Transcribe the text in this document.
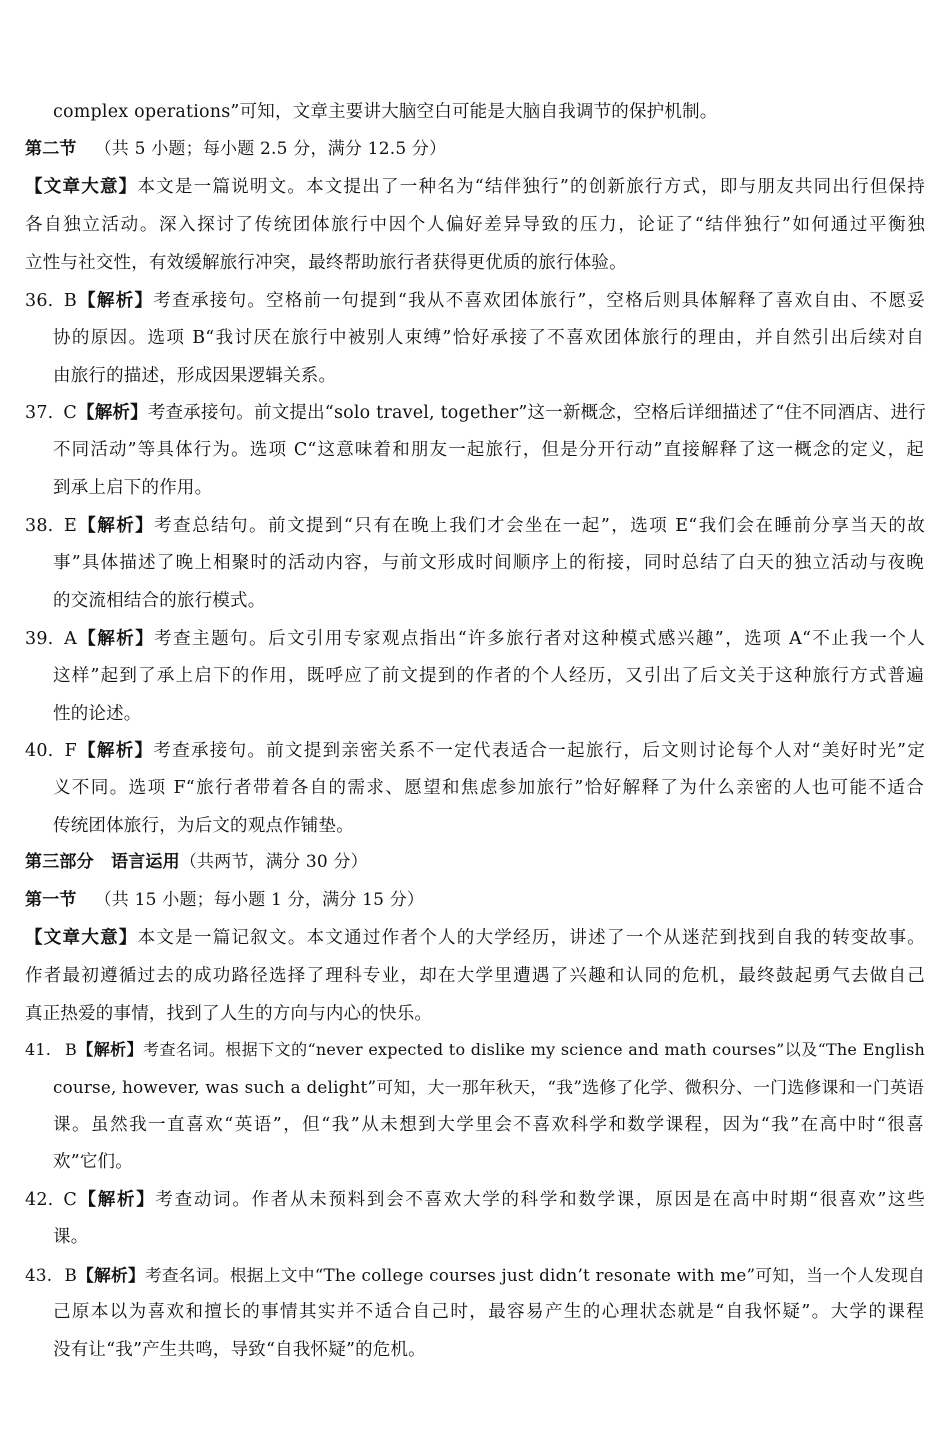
complex operations”可知，文章主要讲大脑空白可能是大脑自我调节的保护机制。
第二节 （共 5 小题；每小题 2.5 分，满分 12.5 分）
【文章大意】本文是一篇说明文。本文提出了一种名为“结伴独行”的创新旅行方式，即与朋友共同出行但保持
各自独立活动。深入探讨了传统团体旅行中因个人偏好差异导致的压力，论证了“结伴独行”如何通过平衡独
立性与社交性，有效缓解旅行冲突，最终帮助旅行者获得更优质的旅行体验。
36. B【解析】考查承接句。空格前一句提到“我从不喜欢团体旅行”，空格后则具体解释了喜欢自由、不愿妥
协的原因。选项 B“我讨厌在旅行中被别人束缚”恰好承接了不喜欢团体旅行的理由，并自然引出后续对自
由旅行的描述，形成因果逻辑关系。
37. C【解析】考查承接句。前文提出“solo travel, together”这一新概念，空格后详细描述了“住不同酒店、进行
不同活动”等具体行为。选项 C“这意味着和朋友一起旅行，但是分开行动”直接解释了这一概念的定义，起
到承上启下的作用。
38. E【解析】考查总结句。前文提到“只有在晚上我们才会坐在一起”，选项 E“我们会在睡前分享当天的故
事”具体描述了晚上相聚时的活动内容，与前文形成时间顺序上的衔接，同时总结了白天的独立活动与夜晚
的交流相结合的旅行模式。
39. A【解析】考查主题句。后文引用专家观点指出“许多旅行者对这种模式感兴趣”，选项 A“不止我一个人
这样”起到了承上启下的作用，既呼应了前文提到的作者的个人经历，又引出了后文关于这种旅行方式普遍
性的论述。
40. F【解析】考查承接句。前文提到亲密关系不一定代表适合一起旅行，后文则讨论每个人对“美好时光”定
义不同。选项 F“旅行者带着各自的需求、愿望和焦虑参加旅行”恰好解释了为什么亲密的人也可能不适合
传统团体旅行，为后文的观点作铺垫。
第三部分　语言运用（共两节，满分 30 分）
第一节 （共 15 小题；每小题 1 分，满分 15 分）
【文章大意】本文是一篇记叙文。本文通过作者个人的大学经历，讲述了一个从迷茫到找到自我的转变故事。
作者最初遵循过去的成功路径选择了理科专业，却在大学里遭遇了兴趣和认同的危机，最终鼓起勇气去做自己
真正热爱的事情，找到了人生的方向与内心的快乐。
41. B【解析】考查名词。根据下文的“never expected to dislike my science and math courses”以及“The English
course, however, was such a delight”可知，大一那年秋天，“我”选修了化学、微积分、一门选修课和一门英语
课。虽然我一直喜欢“英语”，但“我”从未想到大学里会不喜欢科学和数学课程，因为“我”在高中时“很喜
欢”它们。
42. C【解析】考查动词。作者从未预料到会不喜欢大学的科学和数学课，原因是在高中时期“很喜欢”这些
课。
43. B【解析】考查名词。根据上文中“The college courses just didn’t resonate with me”可知，当一个人发现自
己原本以为喜欢和擅长的事情其实并不适合自己时，最容易产生的心理状态就是“自我怀疑”。大学的课程
没有让“我”产生共鸣，导致“自我怀疑”的危机。
